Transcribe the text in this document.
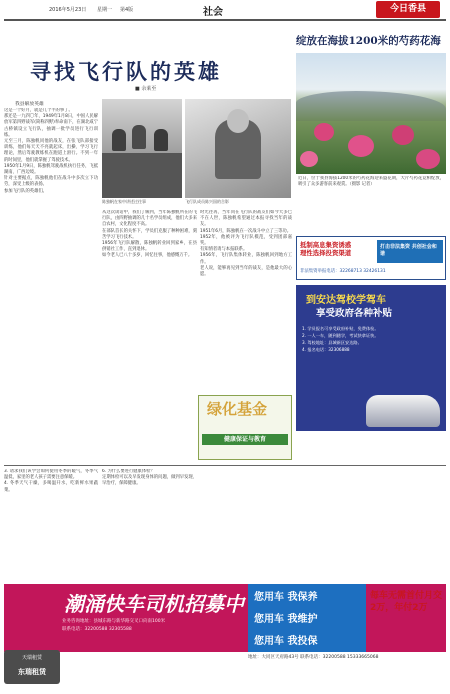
2016年5月23日 星期一 第4版	社会	今日香县
寻找飞行队的英雄
■ 余莱至
我县解放英雄
这是一个好月，就是几个半的事了。
那还是一九四〇年，1949年1月8日，中国人民解放军第四野战军(简称四野)奉命南下，在湖北咸宁古桥镇设立飞行队，抽调一批学员进行飞行训练。
元至三月，陈独帆同他的战友，在张飞队部接受训练，他们每天天不亮就起床，出操、学习飞行理论，然后驾驶教练机在跑道上滑行。不到一年的时间里，他们就掌握了驾驶技术。
1950年1月9日，陈独帆驾驶战机执行任务，飞抵湖南、广西边境。
针对主要据点，陈独帆他们在战斗中多次立下功劳，深受上级的表扬。
参加飞行队的英雄们。
陈独帆在家中讲述过往事	飞行队成员陈兴国的合影
从这次谈话中，我们了解到，当年陈独帆所在的飞行队，由四野抽调的几十名学员组成，他们大多来自农村，文化程度不高。
在部队首长的关怀下，学员们克服了种种困难，刻苦学习飞行技术。
1956年飞行队解散，陈独帆转业回到家乡，在县供销社工作，直到退休。
如今老人已八十多岁，回忆往事，他感慨万千。
时光荏苒，当年同在飞行队的战友们如今大多已不在人世，陈独帆希望通过本报寻找当年的战友。
1951年6月，陈独帆在一次战斗中立了三等功。
1952年，他被评为飞行队模范，受到团部嘉奖。
有知情者请与本报联系。
1956年，飞行队集体转业，陈独帆回到地方工作。
老人说，能够再见到当年的战友，是他最大的心愿。
绽放在海拔1200米的芍药花海
近日，位于我县海拔1200米的芍药花海迎来盛花期，大片芍药花竞相绽放，吸引了众多游客前来观赏。（摄影 记者）
抵制高息集资诱惑
理性选择投资渠道
打击非法集资 共创社会和谐
非法集资举报电话：32268713 32426131
到安达驾校学驾车
享受政府各种补贴
1. 学员报名可享受政府补贴，免费体检。
2. 一人一车，随到随学，考试快拿证快。
3. 驾校地址：县城新区安达路。
4. 报名电话：32306888
绿化基金
健康保证与教育
3. 请求我们该学会如何使用冬季的暖气，冬季气温低，家里的老人孩子需要注意保暖。
4. 冬季天气干燥，多喝温开水，吃新鲜水果蔬菜。
6. 为什么要进行健康体检？
定期体检可以及早发现身体的问题，做到早发现、早治疗，保障健康。
潮涌快车司机招募中
业务咨询地址：县城东路与新华路交叉口向南100米
联系电话：32200588 32305588
天瑞租赁
东瑞租赁
您用车 我保养
您用车 我维护
您用车 我投保
每车无需首付月交2万，年付2万
地址：大同区天府路43号 联系电话：32200588 15333665068
